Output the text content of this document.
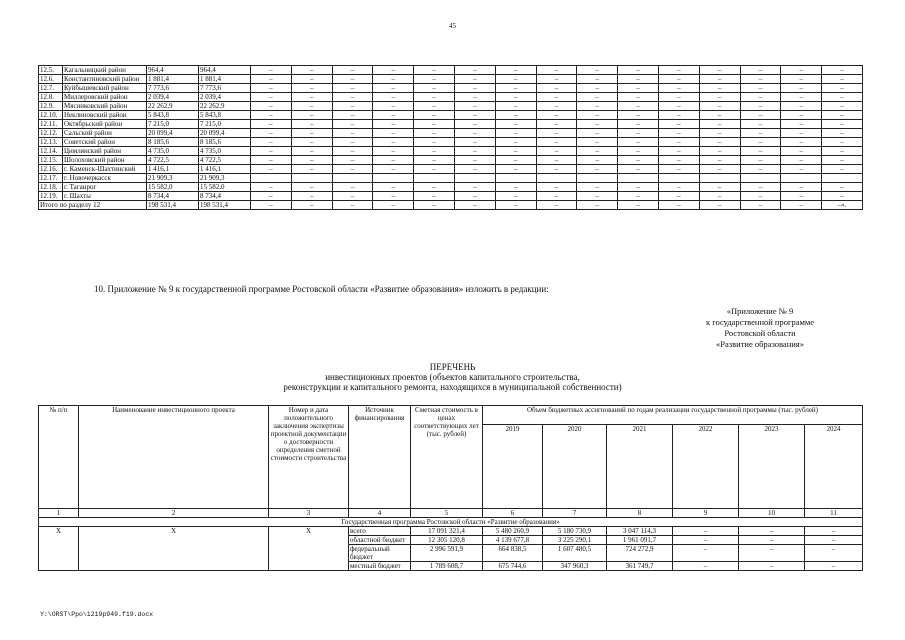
45
12.5.	Кагальницкий район	964,4	964,4	–	–	–	–	–	–	–	–	–	–	–	–	–	–	–
12.6.	Константиновский район	1 881,4	1 881,4	–	–	–	–	–	–	–	–	–	–	–	–	–	–	–
12.7.	Куйбышевский район	7 773,6	7 773,6	–	–	–	–	–	–	–	–	–	–	–	–	–	–	–
12.8.	Миллеровский район	2 039,4	2 039,4	–	–	–	–	–	–	–	–	–	–	–	–	–	–	–
12.9.	Мясниковский район	22 262,9	22 262,9	–	–	–	–	–	–	–	–	–	–	–	–	–	–	–
12.10.	Неклиновский район	5 843,8	5 843,8	–	–	–	–	–	–	–	–	–	–	–	–	–	–	–
12.11.	Октябрьский район	7 215,0	7 215,0	–	–	–	–	–	–	–	–	–	–	–	–	–	–	–
12.12.	Сальский район	20 099,4	20 099,4	–	–	–	–	–	–	–	–	–	–	–	–	–	–	–
12.13.	Советский район	8 185,6	8 185,6	–	–	–	–	–	–	–	–	–	–	–	–	–	–	–
12.14.	Цимлянский район	4 735,0	4 735,0	–	–	–	–	–	–	–	–	–	–	–	–	–	–	–
12.15.	Шолоховский район	4 722,5	4 722,5	–	–	–	–	–	–	–	–	–	–	–	–	–	–	–
12.16.	г. Каменск-Шахтинский	1 416,1	1 416,1	–	–	–	–	–	–	–	–	–	–	–	–	–	–	–
12.17.	г. Новочеркасск	21 909,3	21 909,3															
12.18.	г. Таганрог	15 582,0	15 582,0	–	–	–	–	–	–	–	–	–	–	–	–	–	–	–
12.19.	г. Шахты	8 734,4	8 734,4	–	–	–	–	–	–	–	–	–	–	–	–	–	–	–
Итого по разделу 12		198 531,4	198 531,4	–	–	–	–	–	–	–	–	–	–	–	–	–	–	–».
10. Приложение № 9 к государственной программе Ростовской области «Развитие образования» изложить в редакции:
«Приложение № 9
к государственной программе
Ростовской области
«Развитие образования»
ПЕРЕЧЕНЬ
инвестиционных проектов (объектов капитального строительства,
реконструкции и капитального ремонта, находящихся в муниципальной собственности)
№ п/п	Наименование инвестиционного проекта	Номер и дата положительного заключения экспертизы проектной документации о достоверности определения сметной стоимости строительства	Источник финансирования	Сметная стоимость в ценах соответствующих лет (тыс. рублей)	Объем бюджетных ассигнований по годам реализации государственной программы (тыс. рублей)					
					2019	2020	2021	2022	2023	2024
1	2	3	4	5	6	7	8	9	10	11
Государственная программа Ростовской области «Развитие образования»										
X	X	X	всего	17 091 321,4	5 480 260,9	5 180 730,9	3 047 114,3	–	–	–
			областной бюджет	12 305 120,8	4 139 677,8	3 225 290,1	1 961 091,7	–	–	–
			федеральный бюджет	2 996 591,9	664 838,5	1 607 480,5	724 272,9	–	–	–
			местный бюджет	1 789 608,7	675 744,6	347 960,3	361 749,7	–	–	–
Y:\ORST\Ppo\1219p949.f19.docx
